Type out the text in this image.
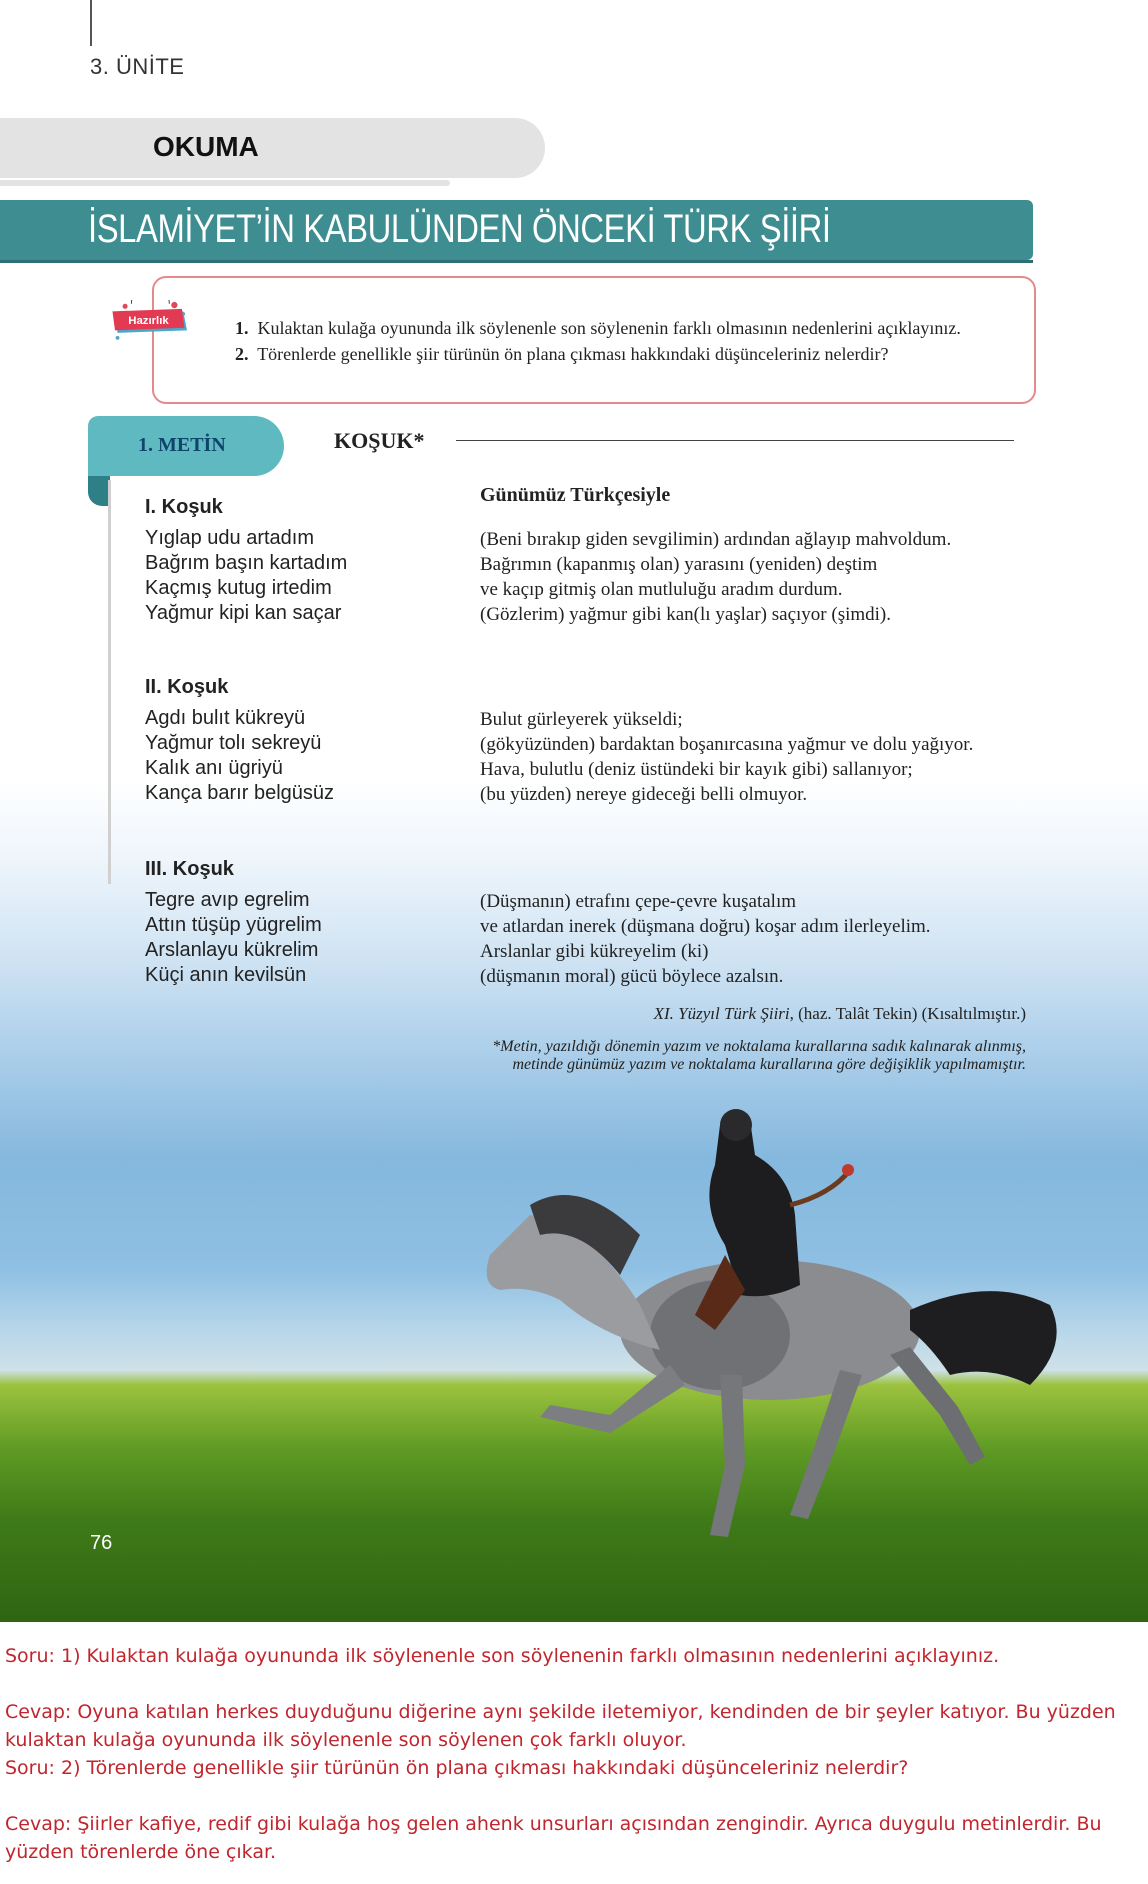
3. ÜNİTE
OKUMA
İSLAMİYET’İN KABULÜNDEN ÖNCEKİ TÜRK ŞİİRİ
Hazırlık	1. Kulaktan kulağa oyununda ilk söylenenle son söylenenin farklı olmasının nedenlerini açıklayınız.
2. Törenlerde genellikle şiir türünün ön plana çıkması hakkındaki düşünceleriniz nelerdir?
1. METİN	KOŞUK*
Günümüz Türkçesiyle
I. Koşuk
Yıglap udu artadım
Bağrım başın kartadım
Kaçmış kutug irtedim
Yağmur kipi kan saçar
(Beni bırakıp giden sevgilimin) ardından ağlayıp mahvoldum.
Bağrımın (kapanmış olan) yarasını (yeniden) deştim
ve kaçıp gitmiş olan mutluluğu aradım durdum.
(Gözlerim) yağmur gibi kan(lı yaşlar) saçıyor (şimdi).
II. Koşuk
Agdı bulıt kükreyü
Yağmur tolı sekreyü
Kalık anı ügriyü
Kança barır belgüsüz
Bulut gürleyerek yükseldi;
(gökyüzünden) bardaktan boşanırcasına yağmur ve dolu yağıyor.
Hava, bulutlu (deniz üstündeki bir kayık gibi) sallanıyor;
(bu yüzden) nereye gideceği belli olmuyor.
III. Koşuk
Tegre avıp egrelim
Attın tüşüp yügrelim
Arslanlayu kükrelim
Küçi anın kevilsün
(Düşmanın) etrafını çepe-çevre kuşatalım
ve atlardan inerek (düşmana doğru) koşar adım ilerleyelim.
Arslanlar gibi kükreyelim (ki)
(düşmanın moral) gücü böylece azalsın.
XI. Yüzyıl Türk Şiiri, (haz. Talât Tekin) (Kısaltılmıştır.)
*Metin, yazıldığı dönemin yazım ve noktalama kurallarına sadık kalınarak alınmış,
metinde günümüz yazım ve noktalama kurallarına göre değişiklik yapılmamıştır.
76
Soru: 1) Kulaktan kulağa oyununda ilk söylenenle son söylenenin farklı olmasının nedenlerini açıklayınız.
Cevap: Oyuna katılan herkes duyduğunu diğerine aynı şekilde iletemiyor, kendinden de bir şeyler katıyor. Bu yüzden
kulaktan kulağa oyununda ilk söylenenle son söylenen çok farklı oluyor.
Soru: 2) Törenlerde genellikle şiir türünün ön plana çıkması hakkındaki düşünceleriniz nelerdir?
Cevap: Şiirler kafiye, redif gibi kulağa hoş gelen ahenk unsurları açısından zengindir. Ayrıca duygulu metinlerdir. Bu
yüzden törenlerde öne çıkar.
